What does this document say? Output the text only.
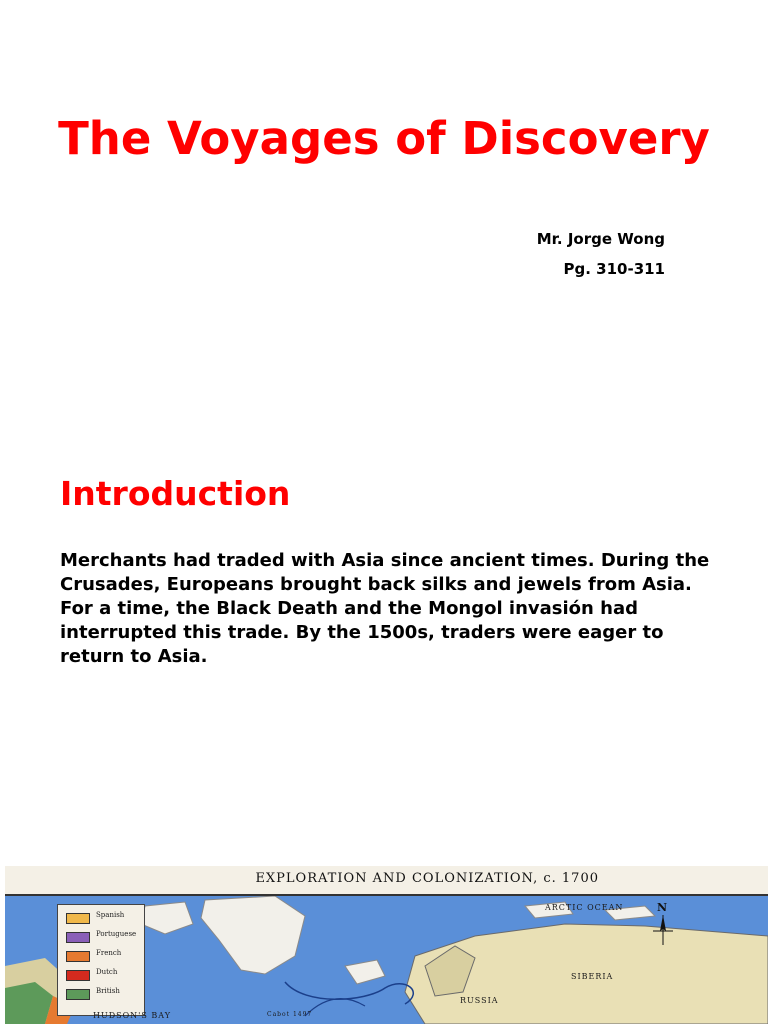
The Voyages of Discovery
Mr. Jorge Wong
Pg. 310-311
Introduction

Merchants had traded with Asia since ancient times. During the Crusades, Europeans brought back silks and jewels from Asia. For a time, the Black Death and the Mongol invasión had interrupted this trade. By the 1500s, traders were eager to return to Asia.

EXPLORATION AND COLONIZATION, c. 1700
Spanish
Portuguese
French
Dutch
British
ARCTIC OCEAN
SIBERIA
RUSSIA
HUDSON'S BAY	Cabot 1497
N
